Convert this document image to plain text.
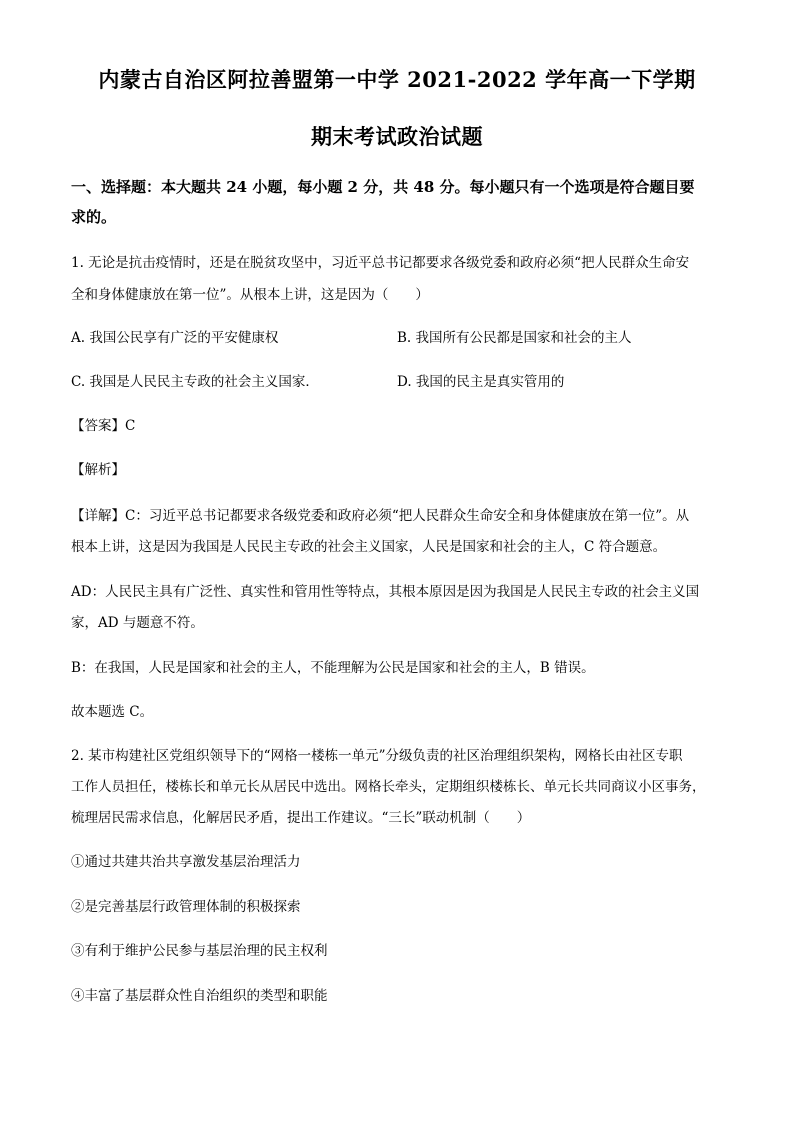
内蒙古自治区阿拉善盟第一中学 2021-2022 学年高一下学期
期末考试政治试题
一、选择题：本大题共 24 小题，每小题 2 分，共 48 分。每小题只有一个选项是符合题目要
求的。
1. 无论是抗击疫情时，还是在脱贫攻坚中，习近平总书记都要求各级党委和政府必须“把人民群众生命安
全和身体健康放在第一位”。从根本上讲，这是因为（　　）
A. 我国公民享有广泛的平安健康权	B. 我国所有公民都是国家和社会的主人
C. 我国是人民民主专政的社会主义国家．	D. 我国的民主是真实管用的
【答案】C
【解析】
【详解】C：习近平总书记都要求各级党委和政府必须“把人民群众生命安全和身体健康放在第一位”。从
根本上讲，这是因为我国是人民民主专政的社会主义国家，人民是国家和社会的主人，C 符合题意。
AD：人民民主具有广泛性、真实性和管用性等特点，其根本原因是因为我国是人民民主专政的社会主义国
家，AD 与题意不符。
B：在我国，人民是国家和社会的主人，不能理解为公民是国家和社会的主人，B 错误。
故本题选 C。
2. 某市构建社区党组织领导下的“网格一楼栋一单元”分级负责的社区治理组织架构，网格长由社区专职
工作人员担任，楼栋长和单元长从居民中选出。网格长牵头，定期组织楼栋长、单元长共同商议小区事务，
梳理居民需求信息，化解居民矛盾，提出工作建议。“三长”联动机制（　　）
①通过共建共治共享激发基层治理活力
②是完善基层行政管理体制的积极探索
③有利于维护公民参与基层治理的民主权利
④丰富了基层群众性自治组织的类型和职能
